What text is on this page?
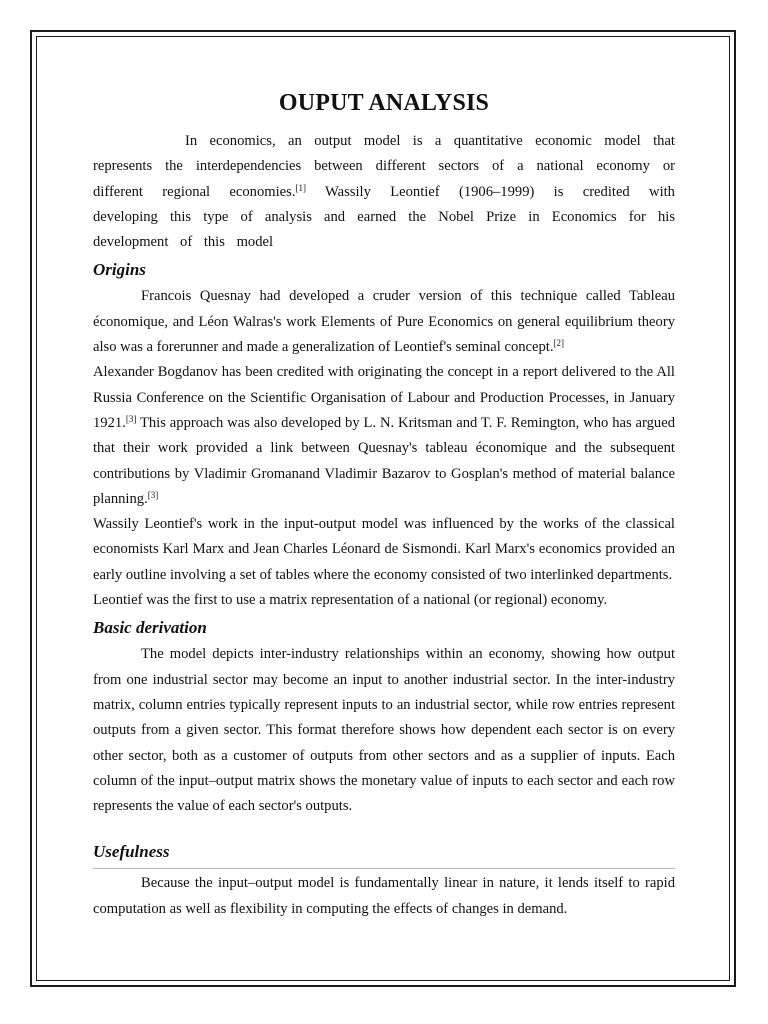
OUPUT ANALYSIS

In economics, an output model is a quantitative economic model that represents the interdependencies between different sectors of a national economy or different regional economies.[1] Wassily Leontief (1906–1999) is credited with developing this type of analysis and earned the Nobel Prize in Economics for his development of this model

Origins

Francois Quesnay had developed a cruder version of this technique called Tableau économique, and Léon Walras's work Elements of Pure Economics on general equilibrium theory also was a forerunner and made a generalization of Leontief's seminal concept.[2]

Alexander Bogdanov has been credited with originating the concept in a report delivered to the All Russia Conference on the Scientific Organisation of Labour and Production Processes, in January 1921.[3] This approach was also developed by L. N. Kritsman and T. F. Remington, who has argued that their work provided a link between Quesnay's tableau économique and the subsequent contributions by Vladimir Gromanand Vladimir Bazarov to Gosplan's method of material balance planning.[3]

Wassily Leontief's work in the input-output model was influenced by the works of the classical economists Karl Marx and Jean Charles Léonard de Sismondi. Karl Marx's economics provided an early outline involving a set of tables where the economy consisted of two interlinked departments.

Leontief was the first to use a matrix representation of a national (or regional) economy.

Basic derivation

The model depicts inter-industry relationships within an economy, showing how output from one industrial sector may become an input to another industrial sector. In the inter-industry matrix, column entries typically represent inputs to an industrial sector, while row entries represent outputs from a given sector. This format therefore shows how dependent each sector is on every other sector, both as a customer of outputs from other sectors and as a supplier of inputs. Each column of the input–output matrix shows the monetary value of inputs to each sector and each row represents the value of each sector's outputs.

Usefulness

Because the input–output model is fundamentally linear in nature, it lends itself to rapid computation as well as flexibility in computing the effects of changes in demand.
